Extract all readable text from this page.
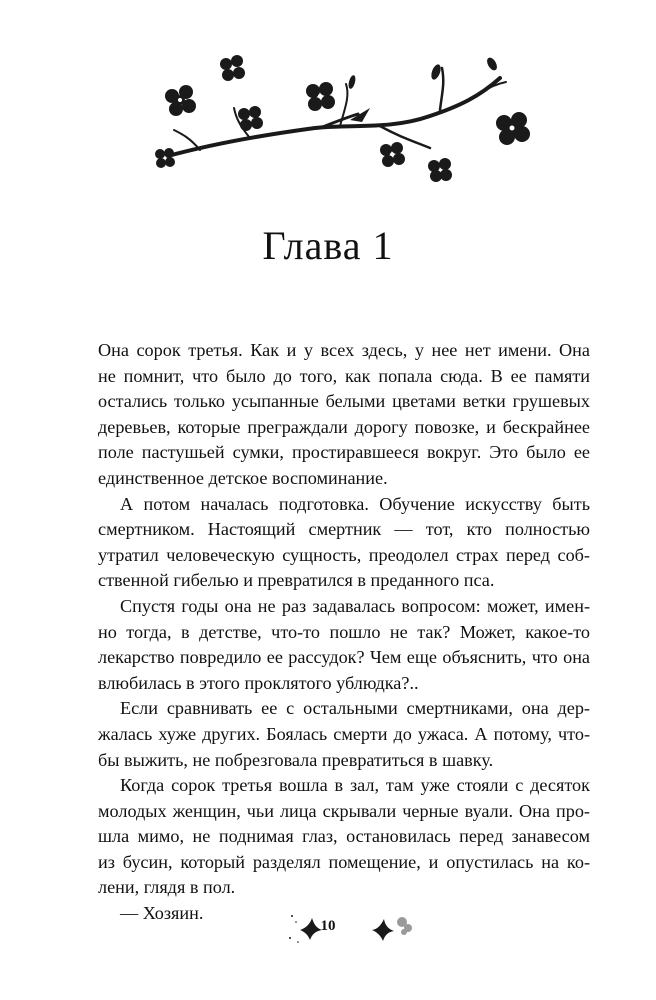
Глава 1

Она сорок третья. Как и у всех здесь, у нее нет имени. Она

не помнит, что было до того, как попала сюда. В ее памяти

остались только усыпанные белыми цветами ветки грушевых

деревьев, которые преграждали дорогу повозке, и бескрайнее

поле пастушьей сумки, простиравшееся вокруг. Это было ее

единственное детское воспоминание.

А потом началась подготовка. Обучение искусству быть

смертником. Настоящий смертник — тот, кто полностью

утратил человеческую сущность, преодолел страх перед соб-

ственной гибелью и превратился в преданного пса.

Спустя годы она не раз задавалась вопросом: может, имен-

но тогда, в детстве, что-то пошло не так? Может, какое-то

лекарство повредило ее рассудок? Чем еще объяснить, что она

влюбилась в этого проклятого ублюдка?..

Если сравнивать ее с остальными смертниками, она дер-

жалась хуже других. Боялась смерти до ужаса. А потому, что-

бы выжить, не побрезговала превратиться в шавку.

Когда сорок третья вошла в зал, там уже стояли с десяток

молодых женщин, чьи лица скрывали черные вуали. Она про-

шла мимо, не поднимая глаз, остановилась перед занавесом

из бусин, который разделял помещение, и опустилась на ко-

лени, глядя в пол.

— Хозяин.

10
